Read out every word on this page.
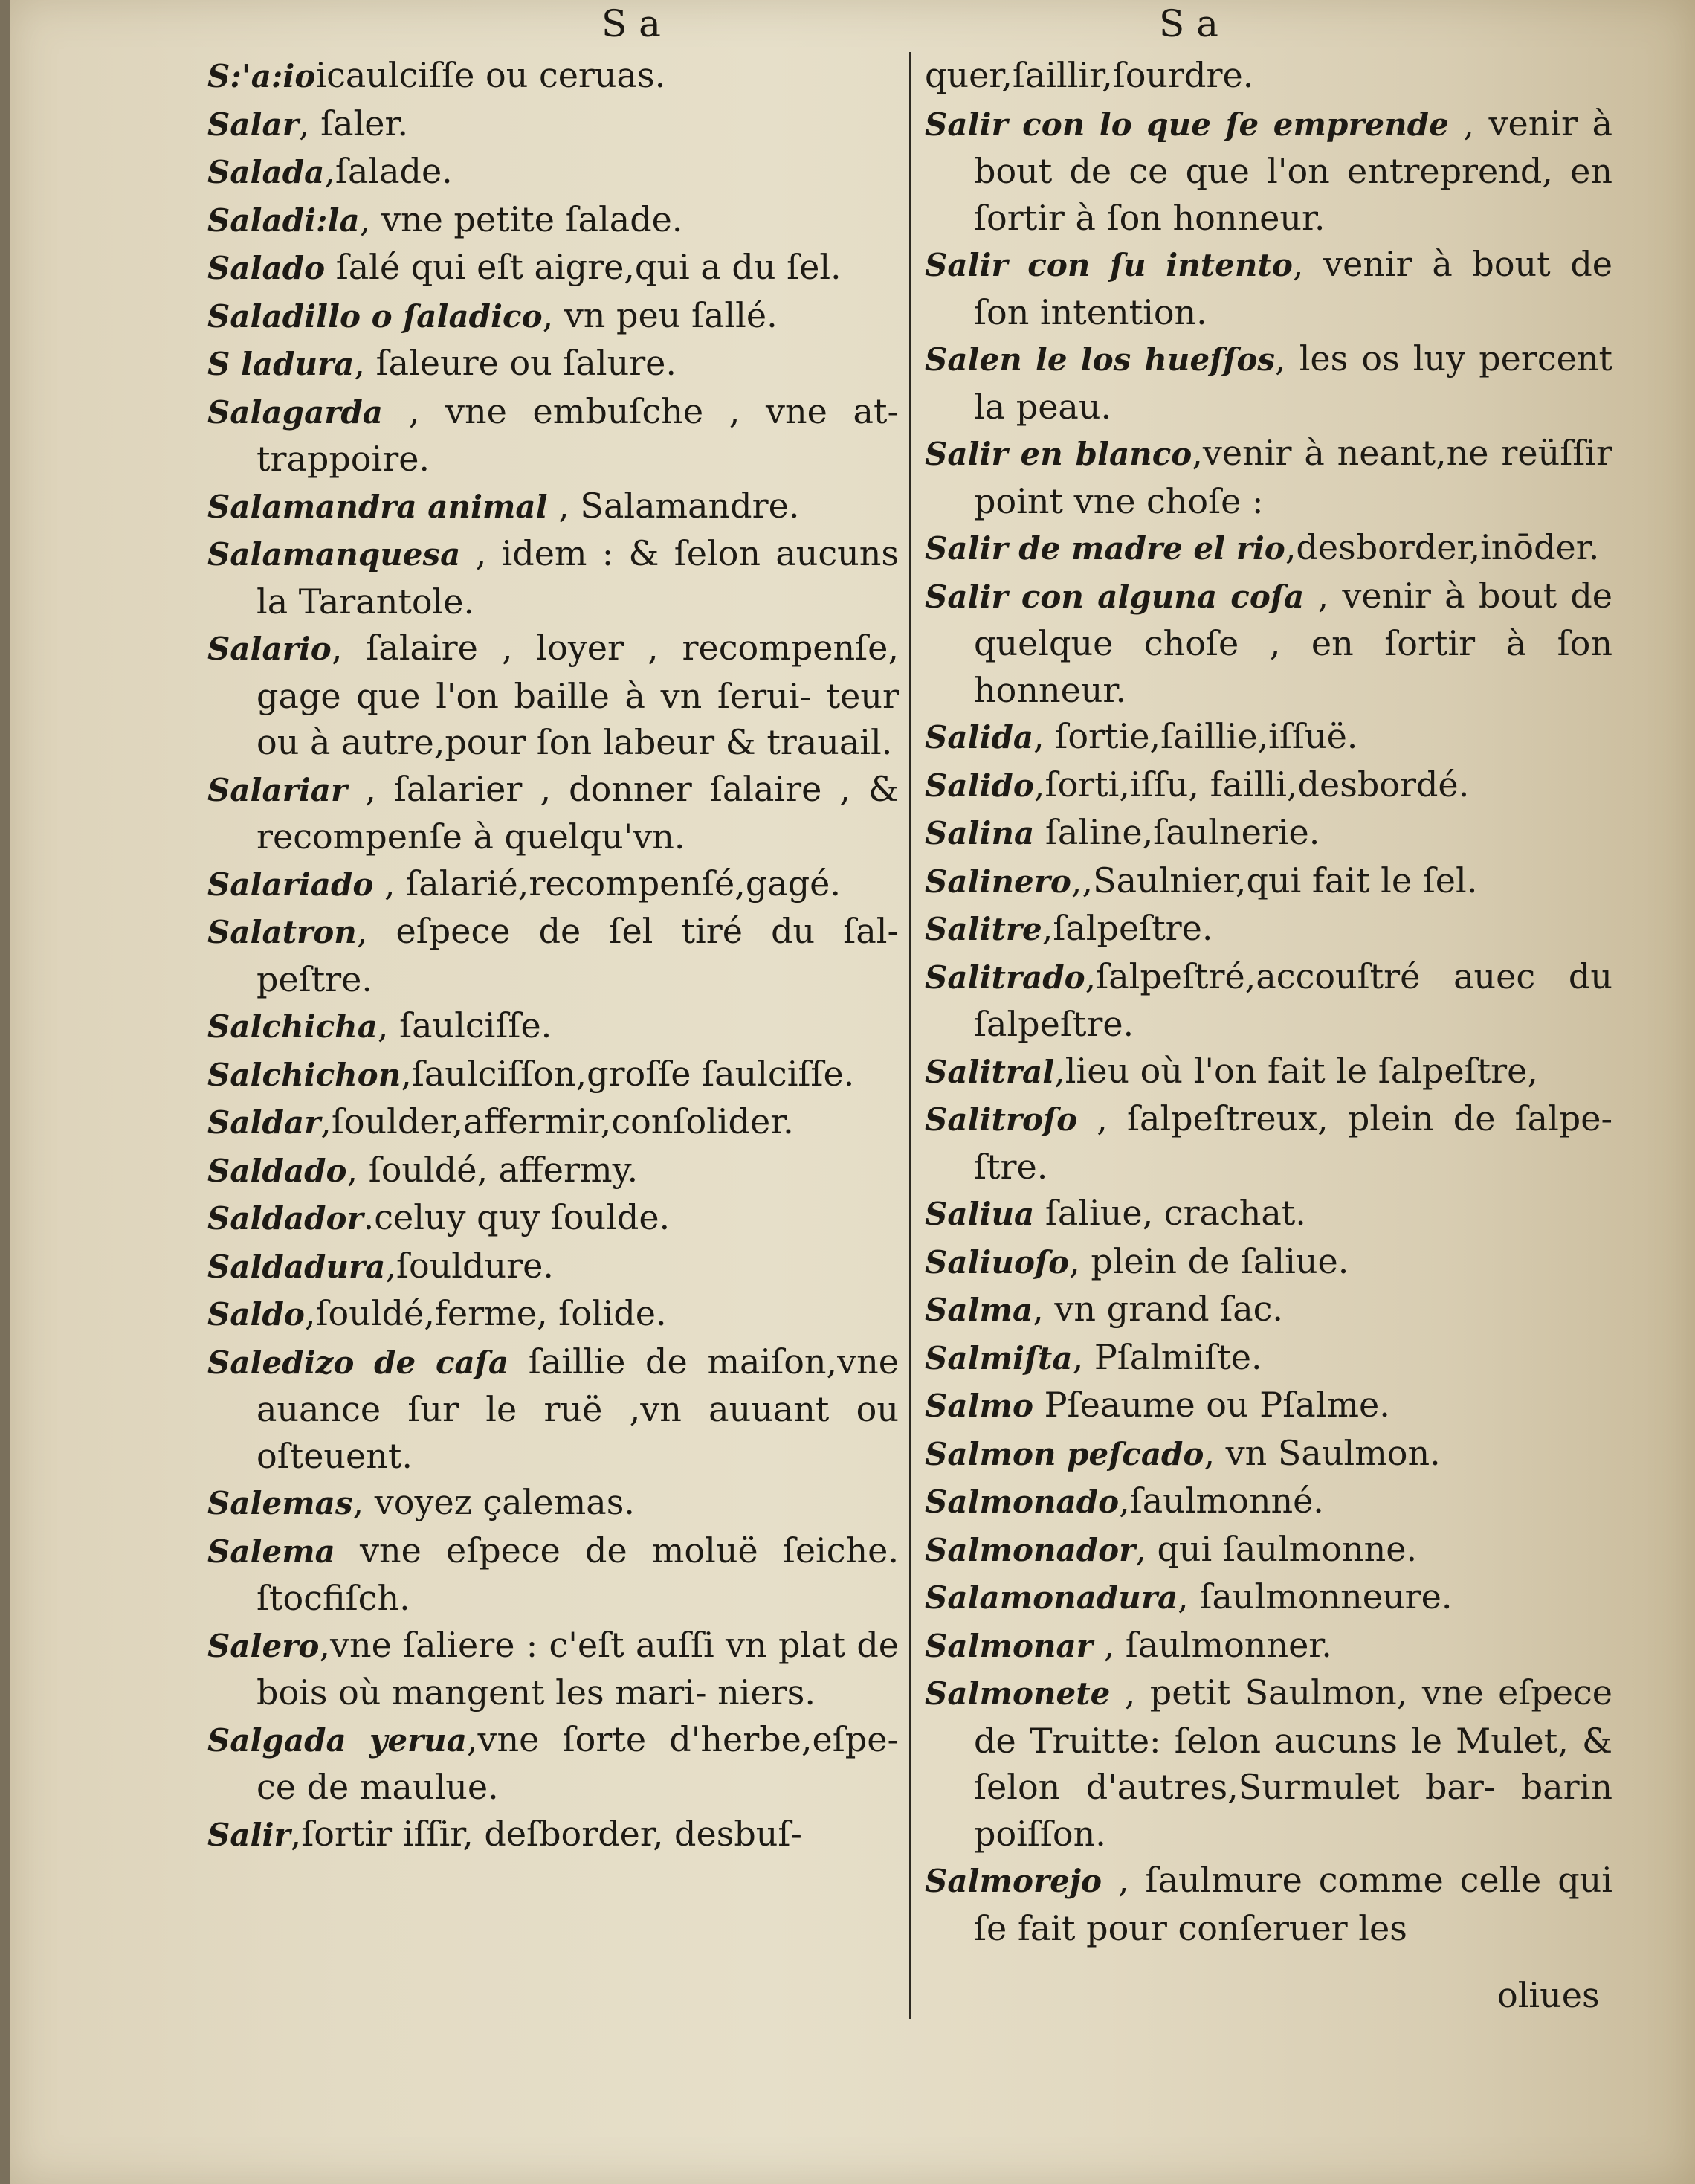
S a	S a

S:'a:ioicaulciſſe ou ceruas.

Salar, ſaler.

Salada,ſalade.

Saladi:la, vne petite ſalade.

Salado ſalé qui eſt aigre,qui a du ſel.

Saladillo o ſaladico, vn peu ſallé.

S ladura, ſaleure ou ſalure.

Salagarda , vne embuſche , vne at- trappoire.

Salamandra animal , Salamandre.

Salamanquesa , idem : & ſelon aucuns la Tarantole.

Salario, ſalaire , loyer , recompenſe, gage que l'on baille à vn ſerui- teur ou à autre,pour ſon labeur & trauail.

Salariar , ſalarier , donner ſalaire , & recompenſe à quelqu'vn.

Salariado , ſalarié,recompenſé,gagé.

Salatron, eſpece de ſel tiré du ſal- peſtre.

Salchicha, ſaulciſſe.

Salchichon,ſaulciſſon,groſſe ſaulciſſe.

Saldar,ſoulder,affermir,conſolider.

Saldado, ſouldé, affermy.

Saldador.celuy quy ſoulde.

Saldadura,ſouldure.

Saldo,ſouldé,ferme, ſolide.

Saledizo de caſa ſaillie de maiſon,vne auance ſur le ruë ,vn auuant ou oſteuent.

Salemas, voyez çalemas.

Salema vne eſpece de moluë ſeiche. ſtocfiſch.

Salero,vne ſaliere : c'eſt auſſi vn plat de bois où mangent les mari- niers.

Salgada yerua,vne ſorte d'herbe,eſpe- ce de maulue.

Salir,ſortir iſſir, deſborder, desbuſ-

quer,ſaillir,ſourdre.

Salir con lo que ſe emprende , venir à bout de ce que l'on entreprend, en ſortir à ſon honneur.

Salir con ſu intento, venir à bout de ſon intention.

Salen le los hueſſos, les os luy percent la peau.

Salir en blanco,venir à neant,ne reüſſir point vne choſe :

Salir de madre el rio,desborder,inōder.

Salir con alguna coſa , venir à bout de quelque choſe , en ſortir à ſon honneur.

Salida, ſortie,ſaillie,iſſuë.

Salido,ſorti,iſſu, failli,desbordé.

Salina ſaline,ſaulnerie.

Salinero,,Saulnier,qui fait le ſel.

Salitre,ſalpeſtre.

Salitrado,ſalpeſtré,accouſtré auec du ſalpeſtre.

Salitral,lieu où l'on fait le ſalpeſtre,

Salitroſo , ſalpeſtreux, plein de ſalpe- ſtre.

Saliua ſaliue, crachat.

Saliuoſo, plein de ſaliue.

Salma, vn grand ſac.

Salmiſta, Pſalmiſte.

Salmo Pſeaume ou Pſalme.

Salmon peſcado, vn Saulmon.

Salmonado,ſaulmonné.

Salmonador, qui ſaulmonne.

Salamonadura, ſaulmonneure.

Salmonar , ſaulmonner.

Salmonete , petit Saulmon, vne eſpece de Truitte: ſelon aucuns le Mulet, & ſelon d'autres,Surmulet bar- barin poiſſon.

Salmorejo , ſaulmure comme celle qui ſe fait pour conſeruer les

oliues
